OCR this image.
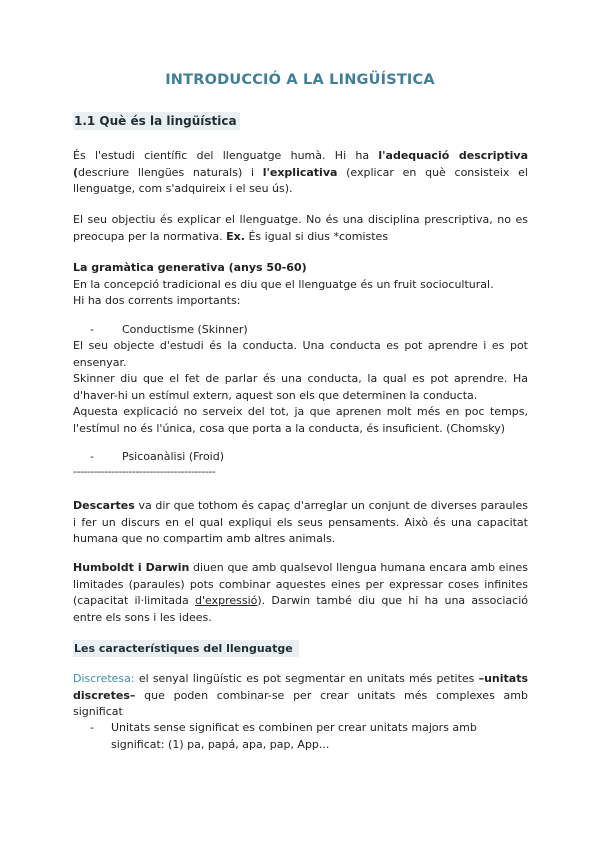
INTRODUCCIÓ A LA LINGÜÍSTICA
1.1 Què és la lingüística
És l'estudi científic del llenguatge humà. Hi ha l'adequació descriptiva (descriure llengües naturals) i l'explicativa (explicar en què consisteix el llenguatge, com s'adquireix i el seu ús).
El seu objectiu és explicar el llenguatge. No és una disciplina prescriptiva, no es preocupa per la normativa. Ex. És igual si dius *comistes
La gramàtica generativa (anys 50-60)
En la concepció tradicional es diu que el llenguatge és un fruit sociocultural.
Hi ha dos corrents importants:
-	Conductisme (Skinner)
El seu objecte d'estudi és la conducta. Una conducta es pot aprendre i es pot ensenyar.
Skinner diu que el fet de parlar és una conducta, la qual es pot aprendre. Ha d'haver-hi un estímul extern, aquest son els que determinen la conducta.
Aquesta explicació no serveix del tot, ja que aprenen molt més en poc temps, l'estímul no és l'única, cosa que porta a la conducta, és insuficient. (Chomsky)
-	Psicoanàlisi (Froid)
-----------------------------------------
Descartes va dir que tothom és capaç d'arreglar un conjunt de diverses paraules i fer un discurs en el qual expliqui els seus pensaments. Això és una capacitat humana que no compartim amb altres animals.
Humboldt i Darwin diuen que amb qualsevol llengua humana encara amb eines limitades (paraules) pots combinar aquestes eines per expressar coses infinites (capacitat il·limitada d'expressió). Darwin també diu que hi ha una associació entre els sons i les idees.
Les característiques del llenguatge
Discretesa: el senyal lingüístic es pot segmentar en unitats més petites –unitats discretes– que poden combinar-se per crear unitats més complexes amb significat
-	Unitats sense significat es combinen per crear unitats majors amb significat: (1) pa, papá, apa, pap, App...
